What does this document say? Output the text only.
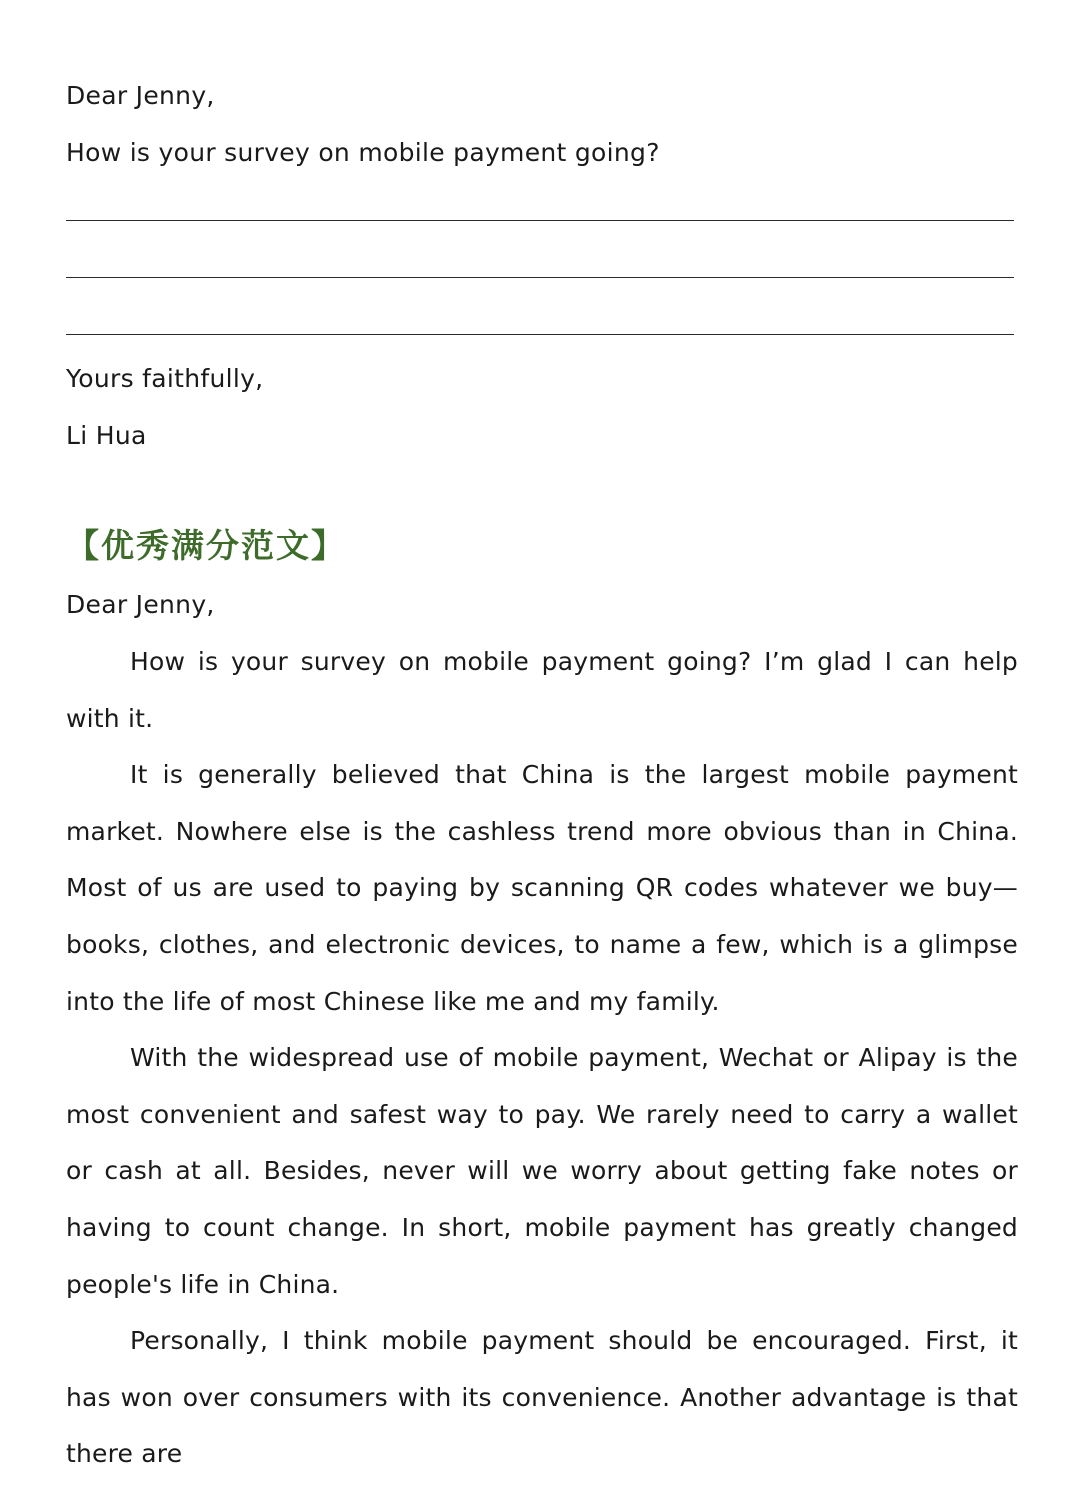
Dear Jenny,
How is your survey on mobile payment going?
Yours faithfully,
Li Hua
【优秀满分范文】
Dear Jenny,
How is your survey on mobile payment going? I’m glad I can help with it.
It is generally believed that China is the largest mobile payment market. Nowhere else is the cashless trend more obvious than in China. Most of us are used to paying by scanning QR codes whatever we buy—books, clothes, and electronic devices, to name a few, which is a glimpse into the life of most Chinese like me and my family.
With the widespread use of mobile payment, Wechat or Alipay is the most convenient and safest way to pay. We rarely need to carry a wallet or cash at all. Besides, never will we worry about getting fake notes or having to count change. In short, mobile payment has greatly changed people's life in China.
Personally, I think mobile payment should be encouraged. First, it has won over consumers with its convenience. Another advantage is that there are
